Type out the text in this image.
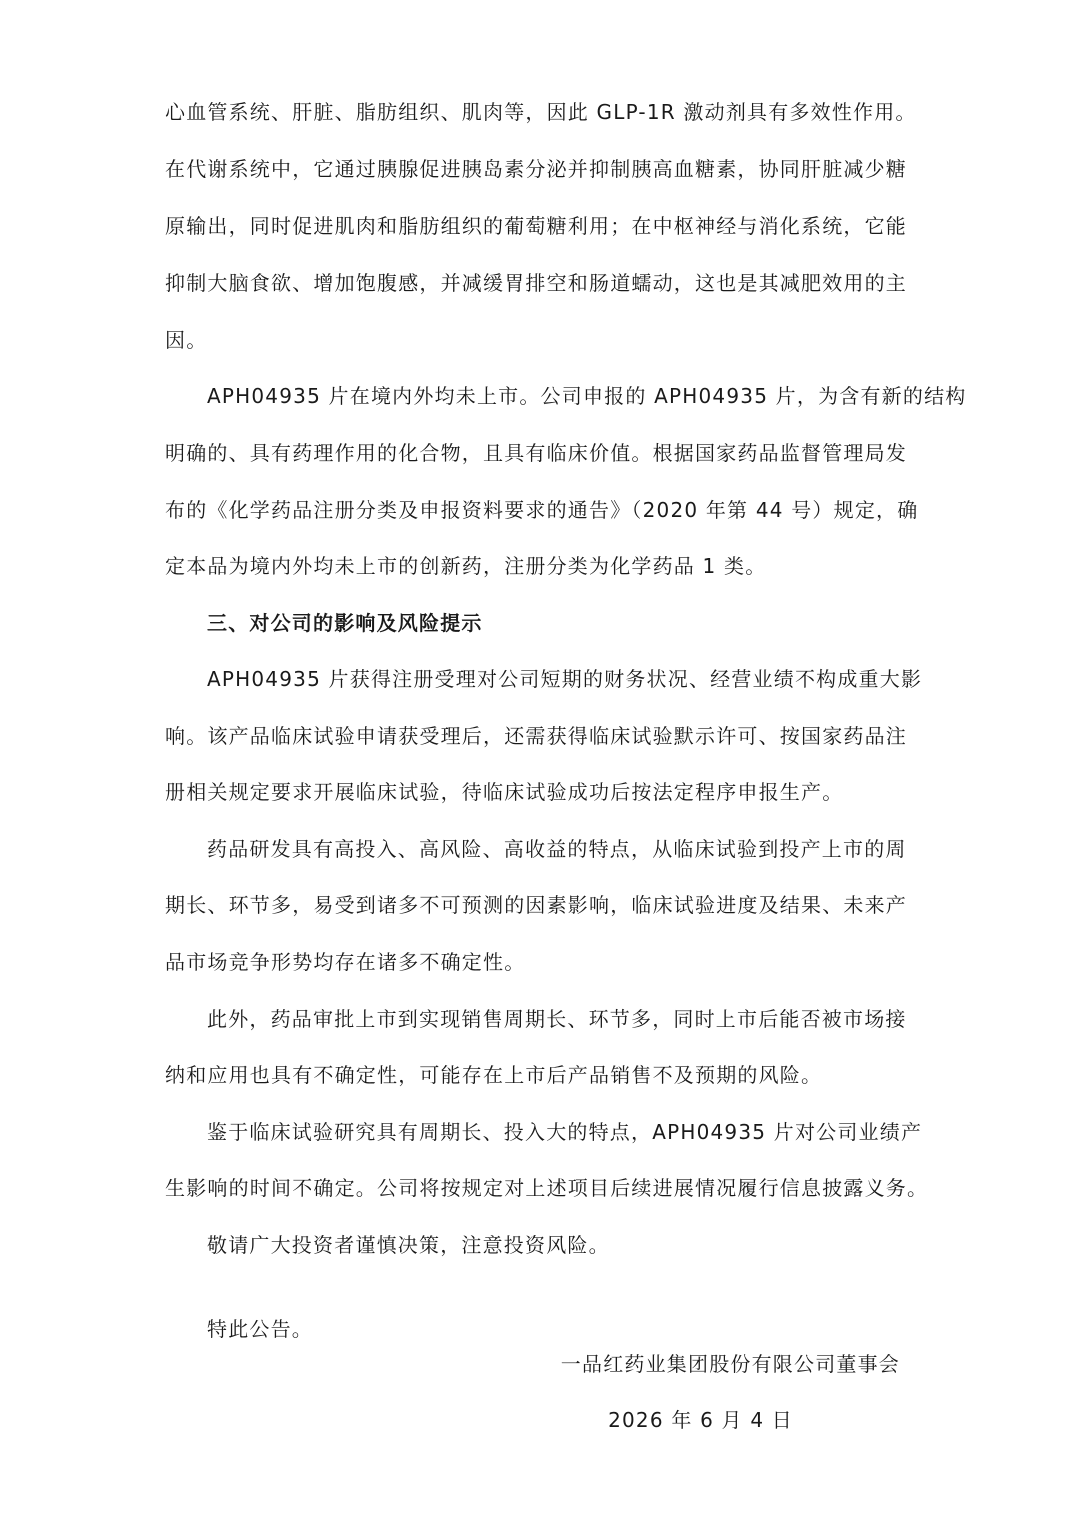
心血管系统、肝脏、脂肪组织、肌肉等，因此 GLP-1R 激动剂具有多效性作用。
在代谢系统中，它通过胰腺促进胰岛素分泌并抑制胰高血糖素，协同肝脏减少糖
原输出，同时促进肌肉和脂肪组织的葡萄糖利用；在中枢神经与消化系统，它能
抑制大脑食欲、增加饱腹感，并减缓胃排空和肠道蠕动，这也是其减肥效用的主
因。
APH04935 片在境内外均未上市。公司申报的 APH04935 片，为含有新的结构
明确的、具有药理作用的化合物，且具有临床价值。根据国家药品监督管理局发
布的《化学药品注册分类及申报资料要求的通告》（2020 年第 44 号）规定，确
定本品为境内外均未上市的创新药，注册分类为化学药品 1 类。
三、对公司的影响及风险提示
APH04935 片获得注册受理对公司短期的财务状况、经营业绩不构成重大影
响。该产品临床试验申请获受理后，还需获得临床试验默示许可、按国家药品注
册相关规定要求开展临床试验，待临床试验成功后按法定程序申报生产。
药品研发具有高投入、高风险、高收益的特点，从临床试验到投产上市的周
期长、环节多，易受到诸多不可预测的因素影响，临床试验进度及结果、未来产
品市场竞争形势均存在诸多不确定性。
此外，药品审批上市到实现销售周期长、环节多，同时上市后能否被市场接
纳和应用也具有不确定性，可能存在上市后产品销售不及预期的风险。
鉴于临床试验研究具有周期长、投入大的特点，APH04935 片对公司业绩产
生影响的时间不确定。公司将按规定对上述项目后续进展情况履行信息披露义务。
敬请广大投资者谨慎决策，注意投资风险。
特此公告。
一品红药业集团股份有限公司董事会
2026 年 6 月 4 日
